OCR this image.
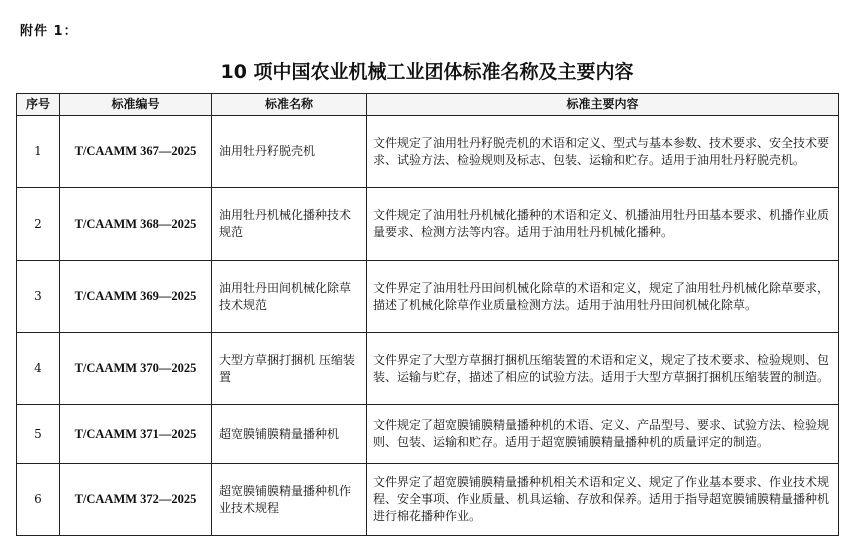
附件 1：
10 项中国农业机械工业团体标准名称及主要内容
序号	标准编号	标准名称	标准主要内容
1	T/CAAMM 367—2025	油用牡丹籽脱壳机	文件规定了油用牡丹籽脱壳机的术语和定义、型式与基本参数、技术要求、安全技术要求、试验方法、检验规则及标志、包装、运输和贮存。适用于油用牡丹籽脱壳机。
2	T/CAAMM 368—2025	油用牡丹机械化播种技术规范	文件规定了油用牡丹机械化播种的术语和定义、机播油用牡丹田基本要求、机播作业质量要求、检测方法等内容。适用于油用牡丹机械化播种。
3	T/CAAMM 369—2025	油用牡丹田间机械化除草技术规范	文件界定了油用牡丹田间机械化除草的术语和定义，规定了油用牡丹机械化除草要求，描述了机械化除草作业质量检测方法。适用于油用牡丹田间机械化除草。
4	T/CAAMM 370—2025	大型方草捆打捆机 压缩装置	文件界定了大型方草捆打捆机压缩装置的术语和定义，规定了技术要求、检验规则、包装、运输与贮存，描述了相应的试验方法。适用于大型方草捆打捆机压缩装置的制造。
5	T/CAAMM 371—2025	超宽膜铺膜精量播种机	文件规定了超宽膜铺膜精量播种机的术语、定义、产品型号、要求、试验方法、检验规则、包装、运输和贮存。适用于超宽膜铺膜精量播种机的质量评定的制造。
6	T/CAAMM 372—2025	超宽膜铺膜精量播种机作业技术规程	文件界定了超宽膜铺膜精量播种机相关术语和定义、规定了作业基本要求、作业技术规程、安全事项、作业质量、机具运输、存放和保养。适用于指导超宽膜铺膜精量播种机进行棉花播种作业。
